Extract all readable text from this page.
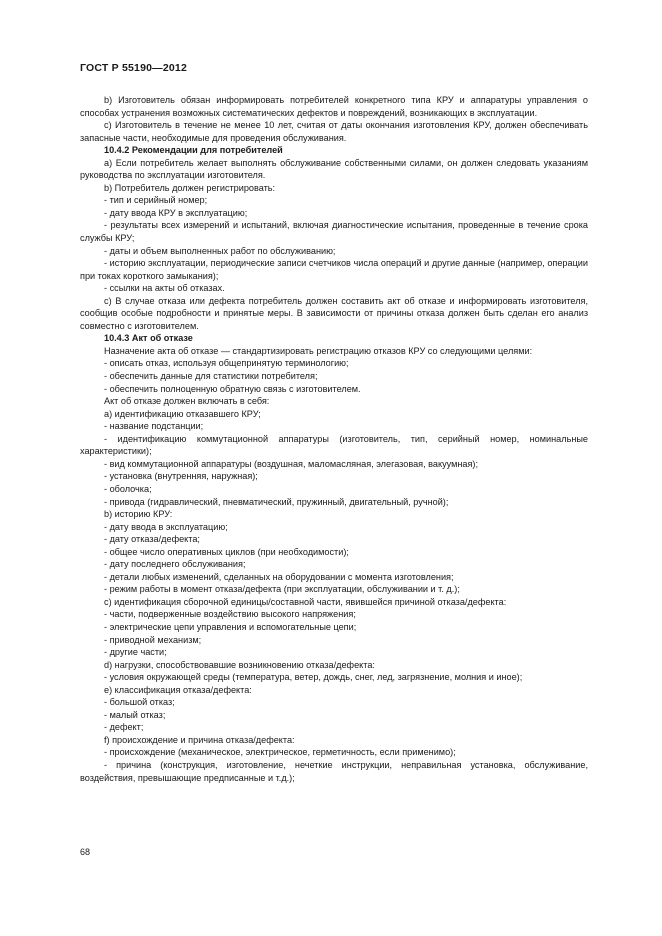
ГОСТ Р 55190—2012

b) Изготовитель обязан информировать потребителей конкретного типа КРУ и аппаратуры управления о способах устранения возможных систематических дефектов и повреждений, возникающих в эксплуатации.

c) Изготовитель в течение не менее 10 лет, считая от даты окончания изготовления КРУ, должен обеспечивать запасные части, необходимые для проведения обслуживания.

10.4.2 Рекомендации для потребителей

a) Если потребитель желает выполнять обслуживание собственными силами, он должен следовать указаниям руководства по эксплуатации изготовителя.

b) Потребитель должен регистрировать:

- тип и серийный номер;

- дату ввода КРУ в эксплуатацию;

- результаты всех измерений и испытаний, включая диагностические испытания, проведенные в течение срока службы КРУ;

- даты и объем выполненных работ по обслуживанию;

- историю эксплуатации, периодические записи счетчиков числа операций и другие данные (например, операции при токах короткого замыкания);

- ссылки на акты об отказах.

c) В случае отказа или дефекта потребитель должен составить акт об отказе и информировать изготовителя, сообщив особые подробности и принятые меры. В зависимости от причины отказа должен быть сделан его анализ совместно с изготовителем.

10.4.3 Акт об отказе

Назначение акта об отказе — стандартизировать регистрацию отказов КРУ со следующими целями:

- описать отказ, используя общепринятую терминологию;

- обеспечить данные для статистики потребителя;

- обеспечить полноценную обратную связь с изготовителем.

Акт об отказе должен включать в себя:

a) идентификацию отказавшего КРУ;

- название подстанции;

- идентификацию коммутационной аппаратуры (изготовитель, тип, серийный номер, номинальные характеристики);

- вид коммутационной аппаратуры (воздушная, маломасляная, элегазовая, вакуумная);

- установка (внутренняя, наружная);

- оболочка;

- привода (гидравлический, пневматический, пружинный, двигательный, ручной);

b) историю КРУ:

- дату ввода в эксплуатацию;

- дату отказа/дефекта;

- общее число оперативных циклов (при необходимости);

- дату последнего обслуживания;

- детали любых изменений, сделанных на оборудовании с момента изготовления;

- режим работы в момент отказа/дефекта (при эксплуатации, обслуживании и т. д.);

c) идентификация сборочной единицы/составной части, явившейся причиной отказа/дефекта:

- части, подверженные воздействию высокого напряжения;

- электрические цепи управления и вспомогательные цепи;

- приводной механизм;

- другие части;

d) нагрузки, способствовавшие возникновению отказа/дефекта:

- условия окружающей среды (температура, ветер, дождь, снег, лед, загрязнение, молния и иное);

e) классификация отказа/дефекта:

- большой отказ;

- малый отказ;

- дефект;

f) происхождение и причина отказа/дефекта:

- происхождение (механическое, электрическое, герметичность, если применимо);

- причина (конструкция, изготовление, нечеткие инструкции, неправильная установка, обслуживание, воздействия, превышающие предписанные и т.д.);

68
